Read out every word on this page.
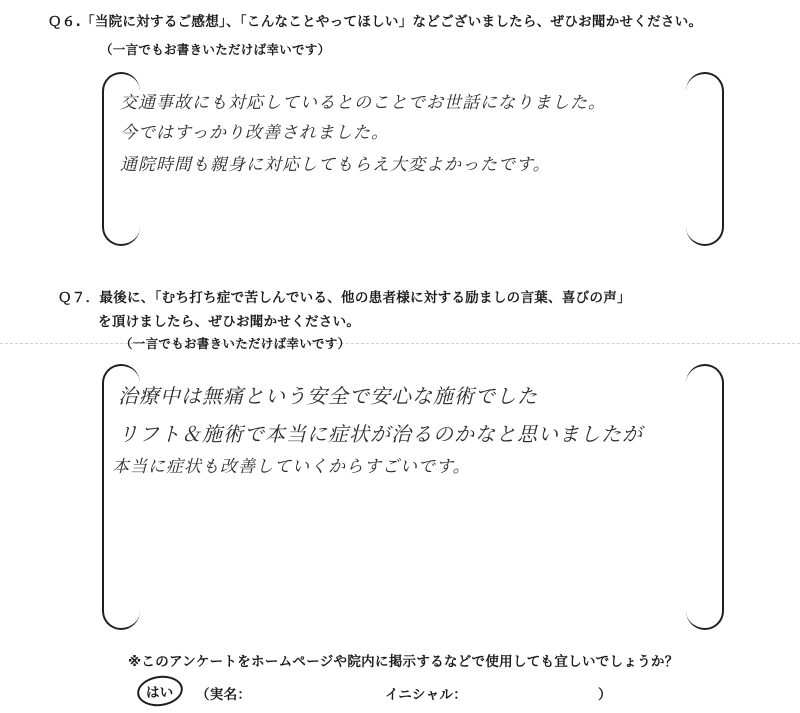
Ｑ６.「当院に対するご感想」、「こんなことやってほしい」などございましたら、ぜひお聞かせください。
（一言でもお書きいただけば幸いです）
交通事故にも対応しているとのことでお世話になりました。
今ではすっかり改善されました。
通院時間も親身に対応してもらえ大変よかったです。
Ｑ７．最後に、「むち打ち症で苦しんでいる、他の患者様に対する励ましの言葉、喜びの声」
を頂けましたら、ぜひお聞かせください。
（一言でもお書きいただけば幸いです）
治療中は無痛という安全で安心な施術でした
リフト＆施術で本当に症状が治るのかなと思いましたが
本当に症状も改善していくからすごいです。
※このアンケートをホームページや院内に掲示するなどで使用しても宜しいでしょうか？
はい （実名：	イニシャル：	）
